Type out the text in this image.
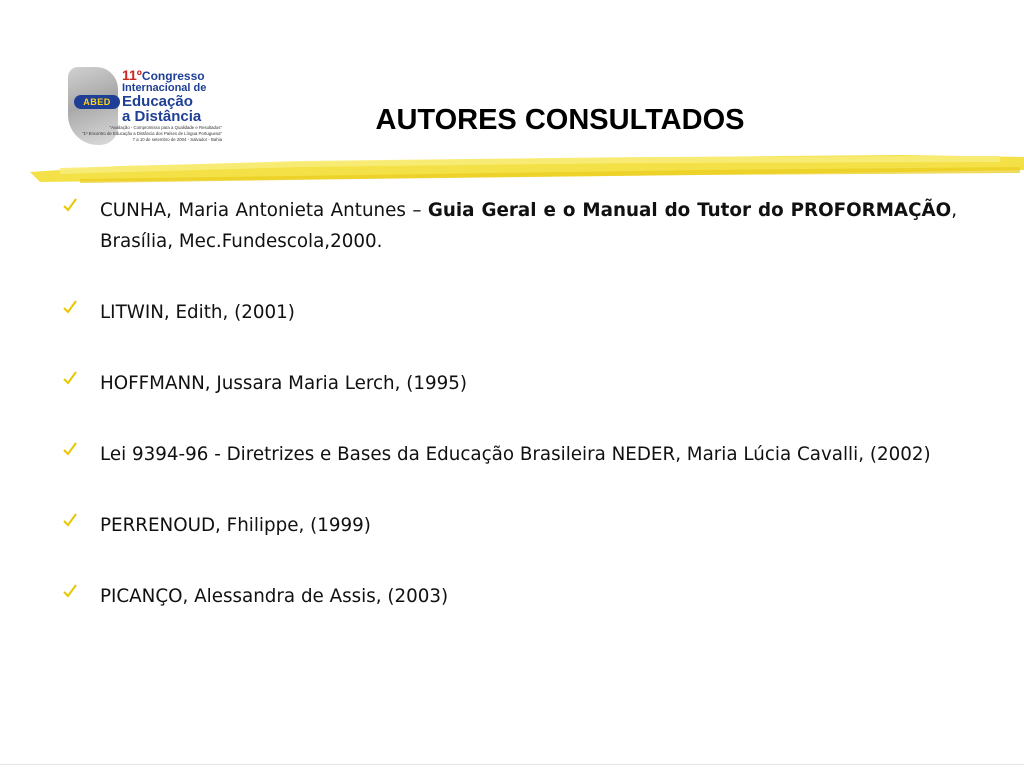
ABED
11ºCongresso
Internacional de
Educação
a Distância
"Avaliação - Compromisso para a Qualidade e Resultados"
"1º Encontro de Educação a Distância dos Países de Língua Portuguesa"
7 a 10 de setembro de 2004 - Salvador - Bahia
AUTORES CONSULTADOS
CUNHA, Maria Antonieta Antunes – Guia Geral e o Manual do Tutor do PROFORMAÇÃO, Brasília, Mec.Fundescola,2000.
LITWIN, Edith, (2001)
HOFFMANN, Jussara Maria Lerch, (1995)
Lei 9394-96 - Diretrizes e Bases da Educação Brasileira NEDER, Maria Lúcia Cavalli, (2002)
PERRENOUD, Fhilippe, (1999)
PICANÇO, Alessandra de Assis, (2003)
